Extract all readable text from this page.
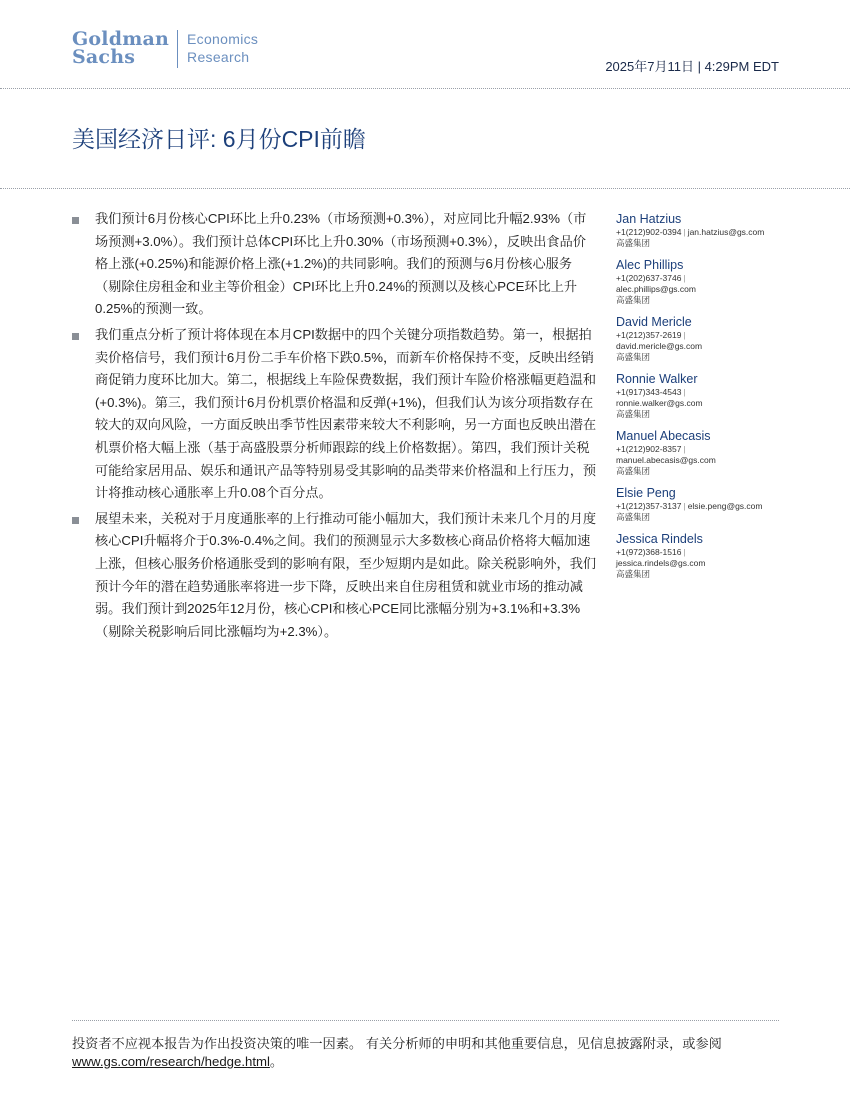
Goldman
Sachs
Economics
Research
2025年7月11日 | 4:29PM EDT
美国经济日评: 6月份CPI前瞻
我们预计6月份核心CPI环比上升0.23%（市场预测+0.3%），对应同比升幅2.93%（市场预测+3.0%）。我们预计总体CPI环比上升0.30%（市场预测+0.3%），反映出食品价格上涨(+0.25%)和能源价格上涨(+1.2%)的共同影响。我们的预测与6月份核心服务（剔除住房租金和业主等价租金）CPI环比上升0.24%的预测以及核心PCE环比上升0.25%的预测一致。
我们重点分析了预计将体现在本月CPI数据中的四个关键分项指数趋势。第一，根据拍卖价格信号，我们预计6月份二手车价格下跌0.5%，而新车价格保持不变，反映出经销商促销力度环比加大。第二，根据线上车险保费数据，我们预计车险价格涨幅更趋温和(+0.3%)。第三，我们预计6月份机票价格温和反弹(+1%)，但我们认为该分项指数存在较大的双向风险，一方面反映出季节性因素带来较大不利影响，另一方面也反映出潜在机票价格大幅上涨（基于高盛股票分析师跟踪的线上价格数据）。第四，我们预计关税可能给家居用品、娱乐和通讯产品等特别易受其影响的品类带来价格温和上行压力，预计将推动核心通胀率上升0.08个百分点。
展望未来，关税对于月度通胀率的上行推动可能小幅加大，我们预计未来几个月的月度核心CPI升幅将介于0.3%-0.4%之间。我们的预测显示大多数核心商品价格将大幅加速上涨，但核心服务价格通胀受到的影响有限，至少短期内是如此。除关税影响外，我们预计今年的潜在趋势通胀率将进一步下降，反映出来自住房租赁和就业市场的推动减弱。我们预计到2025年12月份，核心CPI和核心PCE同比涨幅分别为+3.1%和+3.3%（剔除关税影响后同比涨幅均为+2.3%）。
Jan Hatzius
+1(212)902-0394 | jan.hatzius@gs.com
高盛集团
Alec Phillips
+1(202)637-3746 |
alec.phillips@gs.com
高盛集团
David Mericle
+1(212)357-2619 |
david.mericle@gs.com
高盛集团
Ronnie Walker
+1(917)343-4543 |
ronnie.walker@gs.com
高盛集团
Manuel Abecasis
+1(212)902-8357 |
manuel.abecasis@gs.com
高盛集团
Elsie Peng
+1(212)357-3137 | elsie.peng@gs.com
高盛集团
Jessica Rindels
+1(972)368-1516 |
jessica.rindels@gs.com
高盛集团
投资者不应视本报告为作出投资决策的唯一因素。 有关分析师的申明和其他重要信息，见信息披露附录，或参阅
www.gs.com/research/hedge.html。
